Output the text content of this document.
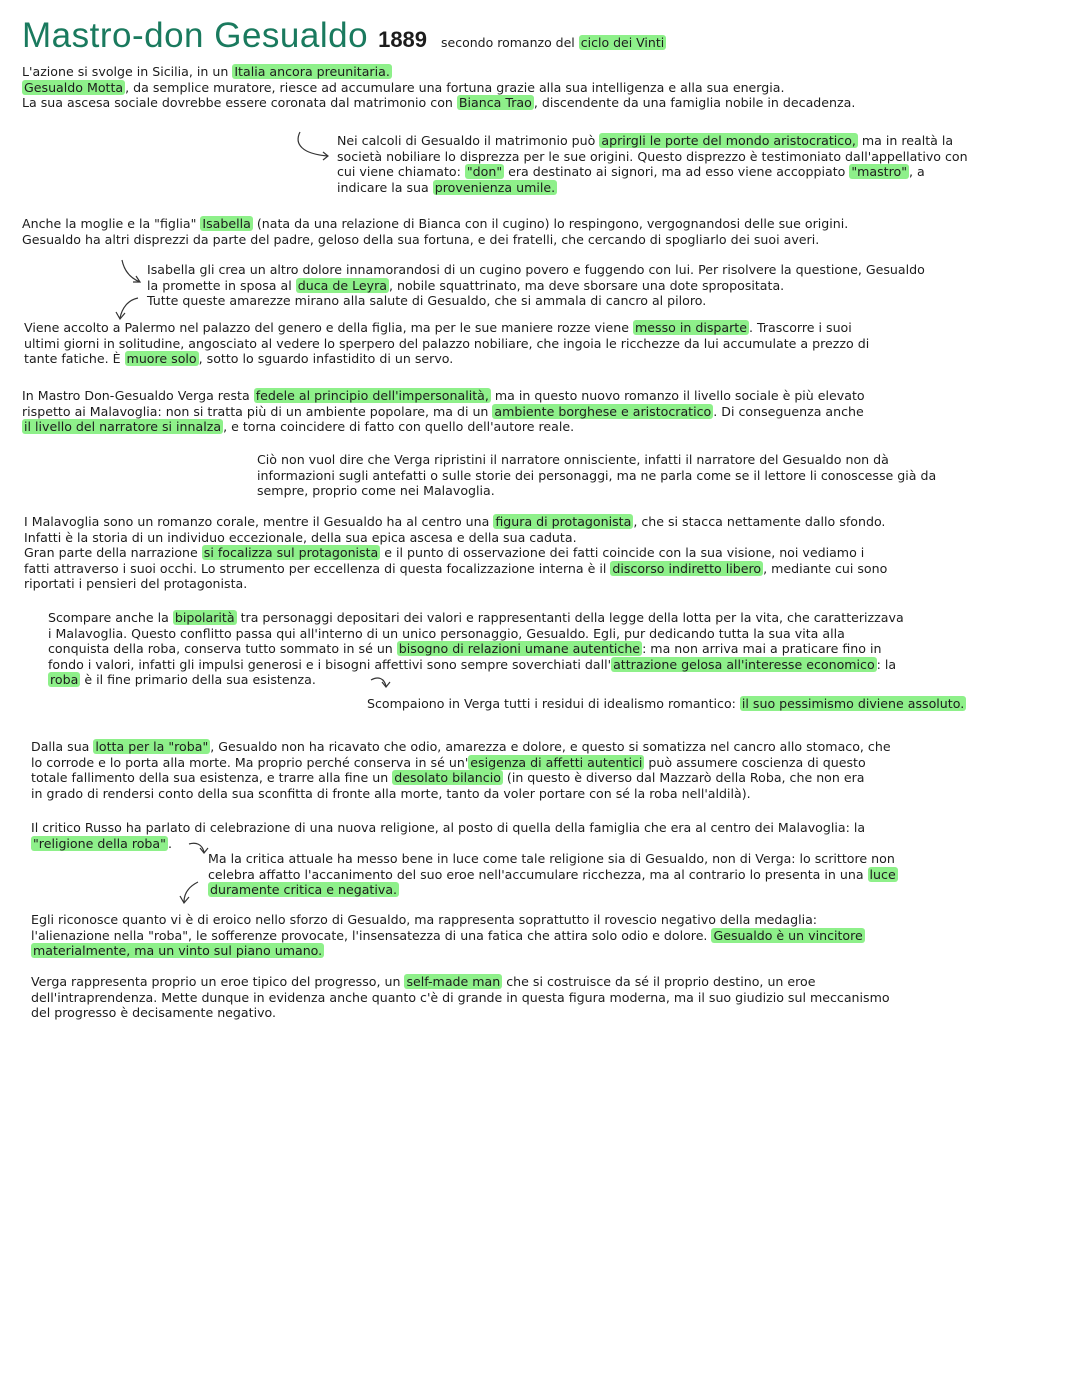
Mastro-don Gesualdo 1889 secondo romanzo del ciclo dei Vinti
L'azione si svolge in Sicilia, in un Italia ancora preunitaria.
Gesualdo Motta , da semplice muratore, riesce ad accumulare una fortuna grazie alla sua intelligenza e alla sua energia.
La sua ascesa sociale dovrebbe essere coronata dal matrimonio con Bianca Trao , discendente da una famiglia nobile in decadenza.
Nei calcoli di Gesualdo il matrimonio può aprirgli le porte del mondo aristocratico, ma in realtà la
società nobiliare lo disprezza per le sue origini. Questo disprezzo è testimoniato dall'appellativo con
cui viene chiamato: "don" era destinato ai signori, ma ad esso viene accoppiato "mastro" , a
indicare la sua provenienza umile.
Anche la moglie e la "figlia" Isabella (nata da una relazione di Bianca con il cugino) lo respingono, vergognandosi delle sue origini.
Gesualdo ha altri disprezzi da parte del padre, geloso della sua fortuna, e dei fratelli, che cercando di spogliarlo dei suoi averi.
Isabella gli crea un altro dolore innamorandosi di un cugino povero e fuggendo con lui. Per risolvere la questione, Gesualdo
la promette in sposa al duca de Leyra , nobile squattrinato, ma deve sborsare una dote spropositata.
Tutte queste amarezze mirano alla salute di Gesualdo, che si ammala di cancro al piloro.
Viene accolto a Palermo nel palazzo del genero e della figlia, ma per le sue maniere rozze viene messo in disparte . Trascorre i suoi
ultimi giorni in solitudine, angosciato al vedere lo sperpero del palazzo nobiliare, che ingoia le ricchezze da lui accumulate a prezzo di
tante fatiche. È muore solo , sotto lo sguardo infastidito di un servo.
In Mastro Don-Gesualdo Verga resta fedele al principio dell'impersonalità, ma in questo nuovo romanzo il livello sociale è più elevato
rispetto ai Malavoglia: non si tratta più di un ambiente popolare, ma di un ambiente borghese e aristocratico . Di conseguenza anche
il livello del narratore si innalza , e torna coincidere di fatto con quello dell'autore reale.
Ciò non vuol dire che Verga ripristini il narratore onnisciente, infatti il narratore del Gesualdo non dà
informazioni sugli antefatti o sulle storie dei personaggi, ma ne parla come se il lettore li conoscesse già da
sempre, proprio come nei Malavoglia.
I Malavoglia sono un romanzo corale, mentre il Gesualdo ha al centro una figura di protagonista , che si stacca nettamente dallo sfondo.
Infatti è la storia di un individuo eccezionale, della sua epica ascesa e della sua caduta.
Gran parte della narrazione si focalizza sul protagonista e il punto di osservazione dei fatti coincide con la sua visione, noi vediamo i
fatti attraverso i suoi occhi. Lo strumento per eccellenza di questa focalizzazione interna è il discorso indiretto libero , mediante cui sono
riportati i pensieri del protagonista.
Scompare anche la bipolarità tra personaggi depositari dei valori e rappresentanti della legge della lotta per la vita, che caratterizzava
i Malavoglia. Questo conflitto passa qui all'interno di un unico personaggio, Gesualdo. Egli, pur dedicando tutta la sua vita alla
conquista della roba, conserva tutto sommato in sé un bisogno di relazioni umane autentiche : ma non arriva mai a praticare fino in
fondo i valori, infatti gli impulsi generosi e i bisogni affettivi sono sempre soverchiati dall' attrazione gelosa all'interesse economico : la
roba è il fine primario della sua esistenza.
Scompaiono in Verga tutti i residui di idealismo romantico: il suo pessimismo diviene assoluto.
Dalla sua lotta per la "roba" , Gesualdo non ha ricavato che odio, amarezza e dolore, e questo si somatizza nel cancro allo stomaco, che
lo corrode e lo porta alla morte. Ma proprio perché conserva in sé un' esigenza di affetti autentici può assumere coscienza di questo
totale fallimento della sua esistenza, e trarre alla fine un desolato bilancio (in questo è diverso dal Mazzarò della Roba, che non era
in grado di rendersi conto della sua sconfitta di fronte alla morte, tanto da voler portare con sé la roba nell'aldilà).
Il critico Russo ha parlato di celebrazione di una nuova religione, al posto di quella della famiglia che era al centro dei Malavoglia: la
"religione della roba" .
Ma la critica attuale ha messo bene in luce come tale religione sia di Gesualdo, non di Verga: lo scrittore non
celebra affatto l'accanimento del suo eroe nell'accumulare ricchezza, ma al contrario lo presenta in una luce
duramente critica e negativa.
Egli riconosce quanto vi è di eroico nello sforzo di Gesualdo, ma rappresenta soprattutto il rovescio negativo della medaglia:
l'alienazione nella "roba", le sofferenze provocate, l'insensatezza di una fatica che attira solo odio e dolore. Gesualdo è un vincitore
materialmente, ma un vinto sul piano umano.
Verga rappresenta proprio un eroe tipico del progresso, un self-made man che si costruisce da sé il proprio destino, un eroe
dell'intraprendenza. Mette dunque in evidenza anche quanto c'è di grande in questa figura moderna, ma il suo giudizio sul meccanismo
del progresso è decisamente negativo.
